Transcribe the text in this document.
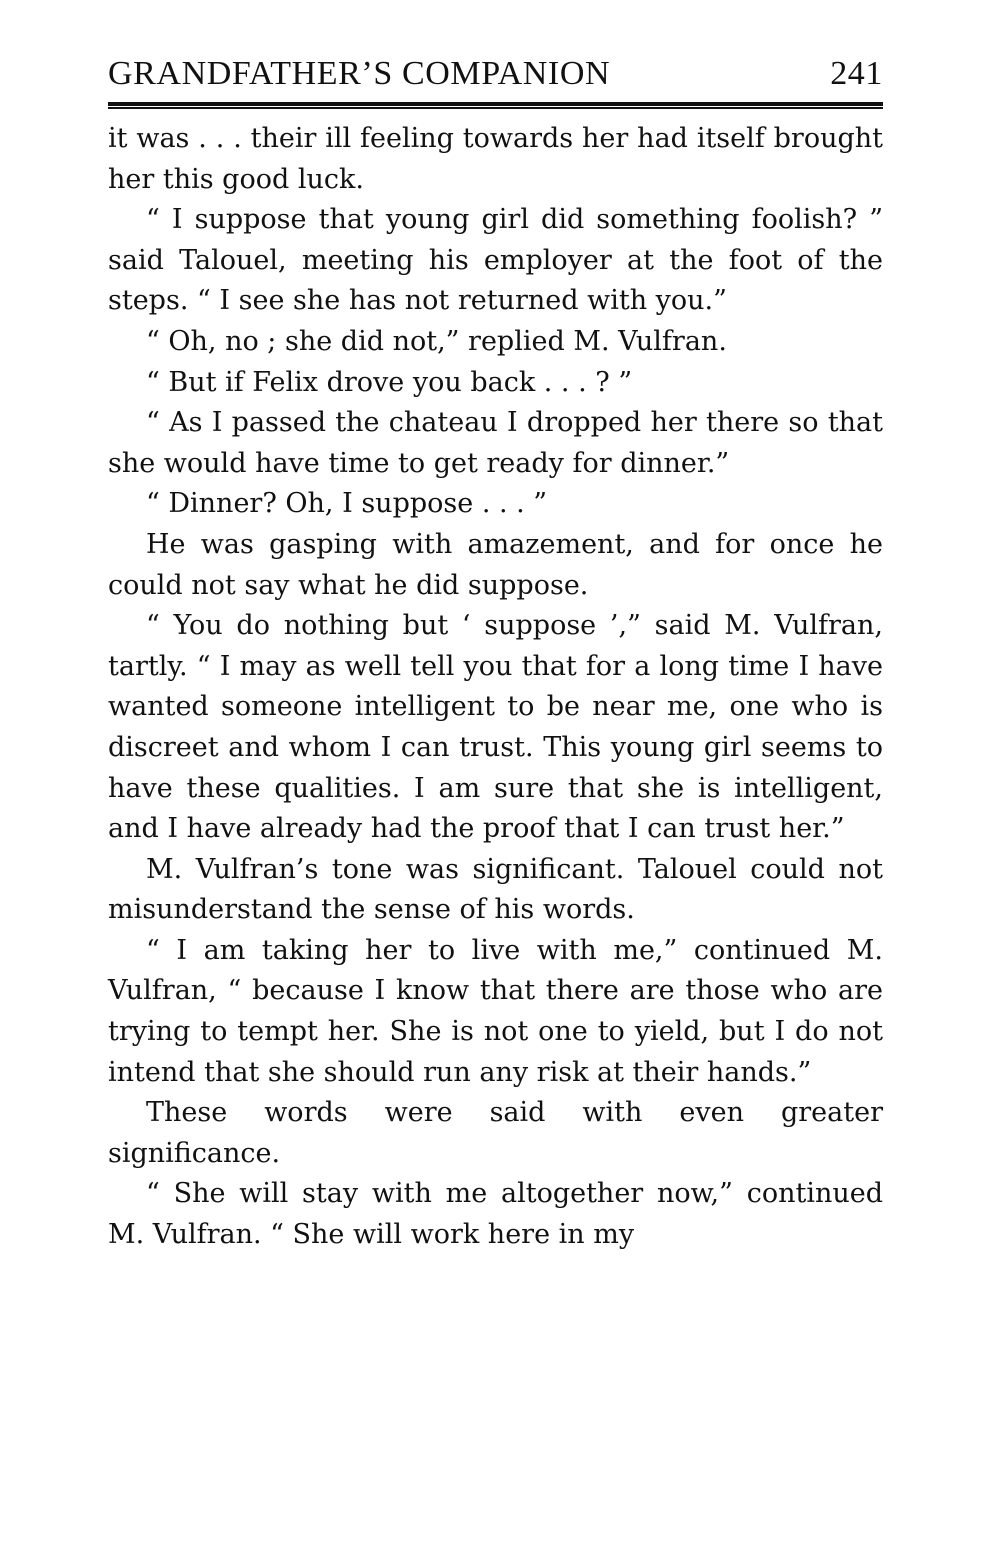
GRANDFATHER’S COMPANION	241

it was . . . their ill feeling towards her had itself brought her this good luck.

“ I suppose that young girl did something foolish? ” said Talouel, meeting his employer at the foot of the steps. “ I see she has not returned with you.”

“ Oh, no ; she did not,” replied M. Vulfran.

“ But if Felix drove you back . . . ? ”

“ As I passed the chateau I dropped her there so that she would have time to get ready for dinner.”

“ Dinner? Oh, I suppose . . . ”

He was gasping with amazement, and for once he could not say what he did suppose.

“ You do nothing but ‘ suppose ’,” said M. Vulfran, tartly. “ I may as well tell you that for a long time I have wanted someone intelligent to be near me, one who is discreet and whom I can trust. This young girl seems to have these qualities. I am sure that she is intelligent, and I have already had the proof that I can trust her.”

M. Vulfran’s tone was significant. Talouel could not misunderstand the sense of his words.

“ I am taking her to live with me,” continued M. Vulfran, “ because I know that there are those who are trying to tempt her. She is not one to yield, but I do not intend that she should run any risk at their hands.”

These words were said with even greater significance.

“ She will stay with me altogether now,” continued M. Vulfran. “ She will work here in my
